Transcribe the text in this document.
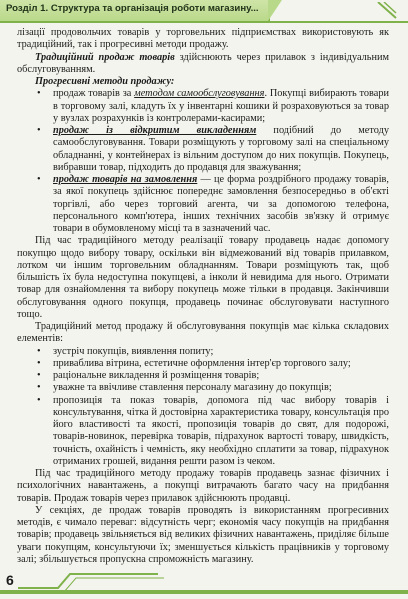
Розділ 1. Структура та організація роботи магазину...

лізації продовольчих товарів у торговельних підприємствах використовують як традиційний, так і прогресивні методи продажу.

Традиційний продаж товарів здійснюють через прилавок з індивідуальним обслуговуванням.

Прогресивні методи продажу:

• продаж товарів за методом самообслуговування. Покупці вибирають товари в торговому залі, кладуть їх у інвентарні кошики й розраховуються за товар у вузлах розрахунків із контролерами-касирами;
• продаж із відкритим викладенням подібний до методу самообслуговування. Товари розміщують у торговому залі на спеціальному обладнанні, у контейнерах із вільним доступом до них покупців. Покупець, вибравши товар, підходить до продавця для зважування;
• продаж товарів на замовлення — це форма роздрібного продажу товарів, за якої покупець здійснює попереднє замовлення безпосередньо в об'єкті торгівлі, або через торговий агента, чи за допомогою телефона, персонального комп'ютера, інших технічних засобів зв'язку й отримує товари в обумовленому місці та в зазначений час.

Під час традиційного методу реалізації товару продавець надає допомогу покупцю щодо вибору товару, оскільки він відмежований від товарів прилавком, лотком чи іншим торговельним обладнанням. Товари розміщують так, щоб більшість їх була недоступна покупцеві, а інколи й невидима для нього. Отримати товар для ознайомлення та вибору покупець може тільки в продавця. Закінчивши обслуговування одного покупця, продавець починає обслуговувати наступного тощо.

Традиційний метод продажу й обслуговування покупців має кілька складових елементів:

• зустріч покупців, виявлення попиту;
• приваблива вітрина, естетичне оформлення інтер'єр торгового залу;
• раціональне викладення й розміщення товарів;
• уважне та ввічливе ставлення персоналу магазину до покупців;
• пропозиція та показ товарів, допомога під час вибору товарів і консультування, чітка й достовірна характеристика товару, консультація про його властивості та якості, пропозиція товарів до свят, для подорожі, товарів-новинок, перевірка товарів, підрахунок вартості товару, швидкість, точність, охайність і чемність, яку необхідно сплатити за товар, підрахунок отриманих грошей, видання решти разом із чеком.

Під час традиційного методу продажу товарів продавець зазнає фізичних і психологічних навантажень, а покупці витрачають багато часу на придбання товарів. Продаж товарів через прилавок здійснюють продавці.

У секціях, де продаж товарів проводять із використанням прогресивних методів, є чимало переваг: відсутність черг; економія часу покупців на придбання товарів; продавець звільняється від великих фізичних навантажень, приділяє більше уваги покупцям, консультуючи їх; зменшується кількість працівників у торговому залі; збільшується пропускна спроможність магазину.

6
